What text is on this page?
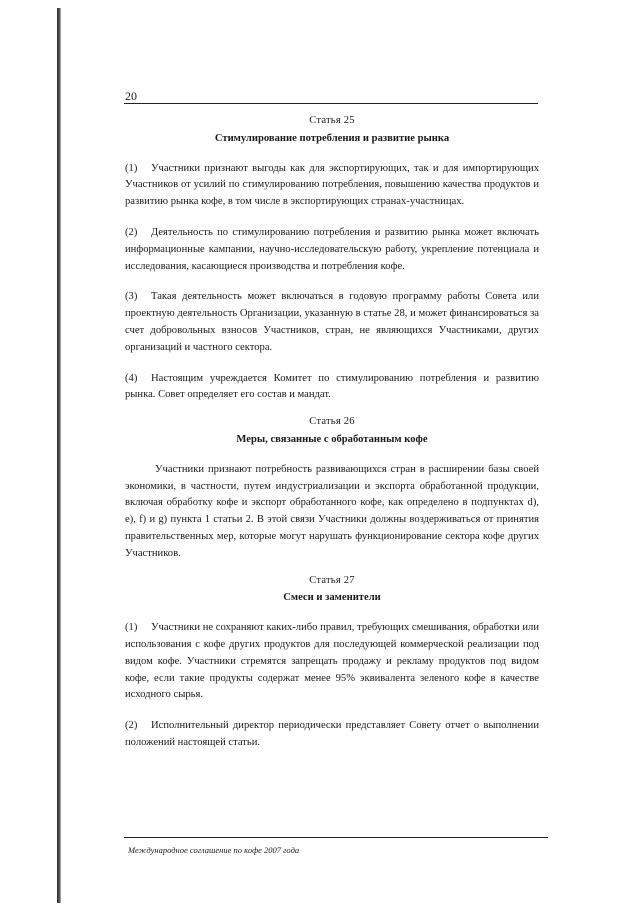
20
Статья 25
Стимулирование потребления и развитие рынка

(1) Участники признают выгоды как для экспортирующих, так и для импортирующих Участников от усилий по стимулированию потребления, повышению качества продуктов и развитию рынка кофе, в том числе в экспортирующих странах-участницах.

(2) Деятельность по стимулированию потребления и развитию рынка может включать информационные кампании, научно-исследовательскую работу, укрепление потенциала и исследования, касающиеся производства и потребления кофе.

(3) Такая деятельность может включаться в годовую программу работы Совета или проектную деятельность Организации, указанную в статье 28, и может финансироваться за счет добровольных взносов Участников, стран, не являющихся Участниками, других организаций и частного сектора.

(4) Настоящим учреждается Комитет по стимулированию потребления и развитию рынка. Совет определяет его состав и мандат.

Статья 26
Меры, связанные с обработанным кофе

Участники признают потребность развивающихся стран в расширении базы своей экономики, в частности, путем индустриализации и экспорта обработанной продукции, включая обработку кофе и экспорт обработанного кофе, как определено в подпунктах d), e), f) и g) пункта 1 статьи 2. В этой связи Участники должны воздерживаться от принятия правительственных мер, которые могут нарушать функционирование сектора кофе других Участников.

Статья 27
Смеси и заменители

(1) Участники не сохраняют каких-либо правил, требующих смешивания, обработки или использования с кофе других продуктов для последующей коммерческой реализации под видом кофе. Участники стремятся запрещать продажу и рекламу продуктов под видом кофе, если такие продукты содержат менее 95% эквивалента зеленого кофе в качестве исходного сырья.

(2) Исполнительный директор периодически представляет Совету отчет о выполнении положений настоящей статьи.

Международное соглашение по кофе 2007 года
